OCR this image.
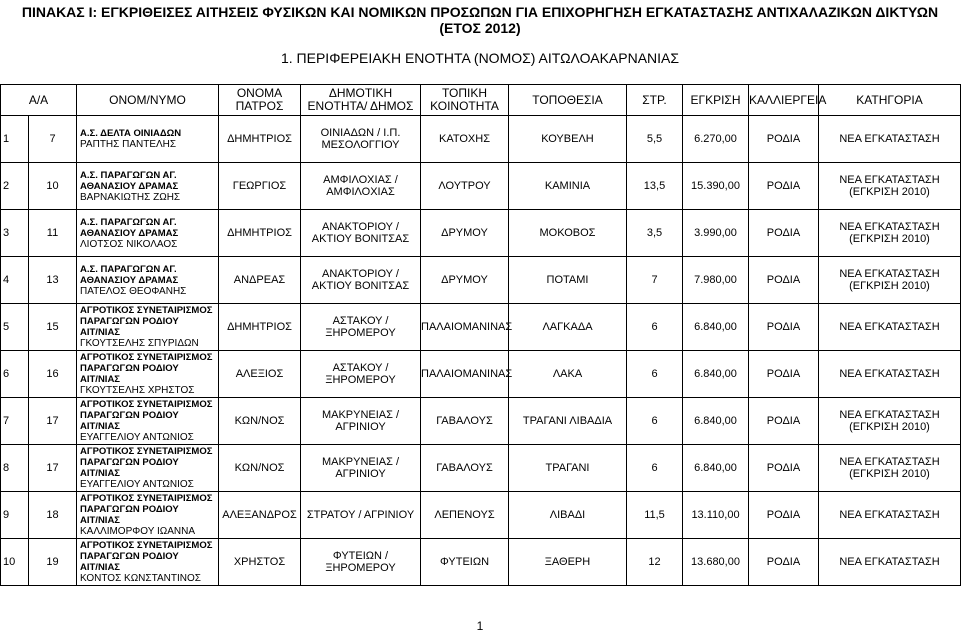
ΠΙΝΑΚΑΣ Ι: ΕΓΚΡΙΘΕΙΣΕΣ ΑΙΤΗΣΕΙΣ ΦΥΣΙΚΩΝ ΚΑΙ ΝΟΜΙΚΩΝ ΠΡΟΣΩΠΩΝ ΓΙΑ ΕΠΙΧΟΡΗΓΗΣΗ ΕΓΚΑΤΑΣΤΑΣΗΣ ΑΝΤΙΧΑΛΑΖΙΚΩΝ ΔΙΚΤΥΩΝ
(ΕΤΟΣ 2012)
1. ΠΕΡΙΦΕΡΕΙΑΚΗ ΕΝΟΤΗΤΑ (ΝΟΜΟΣ) ΑΙΤΩΛΟΑΚΑΡΝΑΝΙΑΣ
Α/Α		ΟΝΟΜ/ΝΥΜΟ	ΟΝΟΜΑ ΠΑΤΡΟΣ	ΔΗΜΟΤΙΚΗ ΕΝΟΤΗΤΑ/ ΔΗΜΟΣ	ΤΟΠΙΚΗ ΚΟΙΝΟΤΗΤΑ	ΤΟΠΟΘΕΣΙΑ	ΣΤΡ.	ΕΓΚΡΙΣΗ	ΚΑΛΛΙΕΡΓΕΙΑ	ΚΑΤΗΓΟΡΙΑ
1	7	Α.Σ. ΔΕΛΤΑ ΟΙΝΙΑΔΩΝ
ΡΑΠΤΗΣ ΠΑΝΤΕΛΗΣ	ΔΗΜΗΤΡΙΟΣ	ΟΙΝΙΑΔΩΝ / Ι.Π. ΜΕΣΟΛΟΓΓΙΟΥ	ΚΑΤΟΧΗΣ	ΚΟΥΒΕΛΗ	5,5	6.270,00	ΡΟΔΙΑ	ΝΕΑ ΕΓΚΑΤΑΣΤΑΣΗ
2	10	Α.Σ. ΠΑΡΑΓΩΓΩΝ ΑΓ.
ΑΘΑΝΑΣΙΟΥ ΔΡΑΜΑΣ
ΒΑΡΝΑΚΙΩΤΗΣ ΖΩΗΣ	ΓΕΩΡΓΙΟΣ	ΑΜΦΙΛΟΧΙΑΣ / ΑΜΦΙΛΟΧΙΑΣ	ΛΟΥΤΡΟΥ	ΚΑΜΙΝΙΑ	13,5	15.390,00	ΡΟΔΙΑ	ΝΕΑ ΕΓΚΑΤΑΣΤΑΣΗ (ΕΓΚΡΙΣΗ 2010)
3	11	Α.Σ. ΠΑΡΑΓΩΓΩΝ ΑΓ.
ΑΘΑΝΑΣΙΟΥ ΔΡΑΜΑΣ
ΛΙΟΤΣΟΣ ΝΙΚΟΛΑΟΣ	ΔΗΜΗΤΡΙΟΣ	ΑΝΑΚΤΟΡΙΟΥ / ΑΚΤΙΟΥ ΒΟΝΙΤΣΑΣ	ΔΡΥΜΟΥ	ΜΟΚΟΒΟΣ	3,5	3.990,00	ΡΟΔΙΑ	ΝΕΑ ΕΓΚΑΤΑΣΤΑΣΗ (ΕΓΚΡΙΣΗ 2010)
4	13	Α.Σ. ΠΑΡΑΓΩΓΩΝ ΑΓ.
ΑΘΑΝΑΣΙΟΥ ΔΡΑΜΑΣ
ΠΑΤΕΛΟΣ ΘΕΟΦΑΝΗΣ	ΑΝΔΡΕΑΣ	ΑΝΑΚΤΟΡΙΟΥ / ΑΚΤΙΟΥ ΒΟΝΙΤΣΑΣ	ΔΡΥΜΟΥ	ΠΟΤΑΜΙ	7	7.980,00	ΡΟΔΙΑ	ΝΕΑ ΕΓΚΑΤΑΣΤΑΣΗ (ΕΓΚΡΙΣΗ 2010)
5	15	ΑΓΡΟΤΙΚΟΣ ΣΥΝΕΤΑΙΡΙΣΜΟΣ
ΠΑΡΑΓΩΓΩΝ ΡΟΔΙΟΥ
ΑΙΤ/ΝΙΑΣ
ΓΚΟΥΤΣΕΛΗΣ ΣΠΥΡΙΔΩΝ	ΔΗΜΗΤΡΙΟΣ	ΑΣΤΑΚΟΥ / ΞΗΡΟΜΕΡΟΥ	ΠΑΛΑΙΟΜΑΝΙΝΑΣ	ΛΑΓΚΑΔΑ	6	6.840,00	ΡΟΔΙΑ	ΝΕΑ ΕΓΚΑΤΑΣΤΑΣΗ
6	16	ΑΓΡΟΤΙΚΟΣ ΣΥΝΕΤΑΙΡΙΣΜΟΣ
ΠΑΡΑΓΩΓΩΝ ΡΟΔΙΟΥ
ΑΙΤ/ΝΙΑΣ
ΓΚΟΥΤΣΕΛΗΣ ΧΡΗΣΤΟΣ	ΑΛΕΞΙΟΣ	ΑΣΤΑΚΟΥ / ΞΗΡΟΜΕΡΟΥ	ΠΑΛΑΙΟΜΑΝΙΝΑΣ	ΛΑΚΑ	6	6.840,00	ΡΟΔΙΑ	ΝΕΑ ΕΓΚΑΤΑΣΤΑΣΗ
7	17	ΑΓΡΟΤΙΚΟΣ ΣΥΝΕΤΑΙΡΙΣΜΟΣ
ΠΑΡΑΓΩΓΩΝ ΡΟΔΙΟΥ
ΑΙΤ/ΝΙΑΣ
ΕΥΑΓΓΕΛΙΟΥ ΑΝΤΩΝΙΟΣ	ΚΩΝ/ΝΟΣ	ΜΑΚΡΥΝΕΙΑΣ / ΑΓΡΙΝΙΟΥ	ΓΑΒΑΛΟΥΣ	ΤΡΑΓΑΝΙ ΛΙΒΑΔΙΑ	6	6.840,00	ΡΟΔΙΑ	ΝΕΑ ΕΓΚΑΤΑΣΤΑΣΗ (ΕΓΚΡΙΣΗ 2010)
8	17	ΑΓΡΟΤΙΚΟΣ ΣΥΝΕΤΑΙΡΙΣΜΟΣ
ΠΑΡΑΓΩΓΩΝ ΡΟΔΙΟΥ
ΑΙΤ/ΝΙΑΣ
ΕΥΑΓΓΕΛΙΟΥ ΑΝΤΩΝΙΟΣ	ΚΩΝ/ΝΟΣ	ΜΑΚΡΥΝΕΙΑΣ / ΑΓΡΙΝΙΟΥ	ΓΑΒΑΛΟΥΣ	ΤΡΑΓΑΝΙ	6	6.840,00	ΡΟΔΙΑ	ΝΕΑ ΕΓΚΑΤΑΣΤΑΣΗ (ΕΓΚΡΙΣΗ 2010)
9	18	ΑΓΡΟΤΙΚΟΣ ΣΥΝΕΤΑΙΡΙΣΜΟΣ
ΠΑΡΑΓΩΓΩΝ ΡΟΔΙΟΥ
ΑΙΤ/ΝΙΑΣ
ΚΑΛΛΙΜΟΡΦΟΥ ΙΩΑΝΝΑ	ΑΛΕΞΑΝΔΡΟΣ	ΣΤΡΑΤΟΥ / ΑΓΡΙΝΙΟΥ	ΛΕΠΕΝΟΥΣ	ΛΙΒΑΔΙ	11,5	13.110,00	ΡΟΔΙΑ	ΝΕΑ ΕΓΚΑΤΑΣΤΑΣΗ
10	19	ΑΓΡΟΤΙΚΟΣ ΣΥΝΕΤΑΙΡΙΣΜΟΣ
ΠΑΡΑΓΩΓΩΝ ΡΟΔΙΟΥ
ΑΙΤ/ΝΙΑΣ
ΚΟΝΤΟΣ ΚΩΝΣΤΑΝΤΙΝΟΣ	ΧΡΗΣΤΟΣ	ΦΥΤΕΙΩΝ / ΞΗΡΟΜΕΡΟΥ	ΦΥΤΕΙΩΝ	ΞΑΘΕΡΗ	12	13.680,00	ΡΟΔΙΑ	ΝΕΑ ΕΓΚΑΤΑΣΤΑΣΗ
1
